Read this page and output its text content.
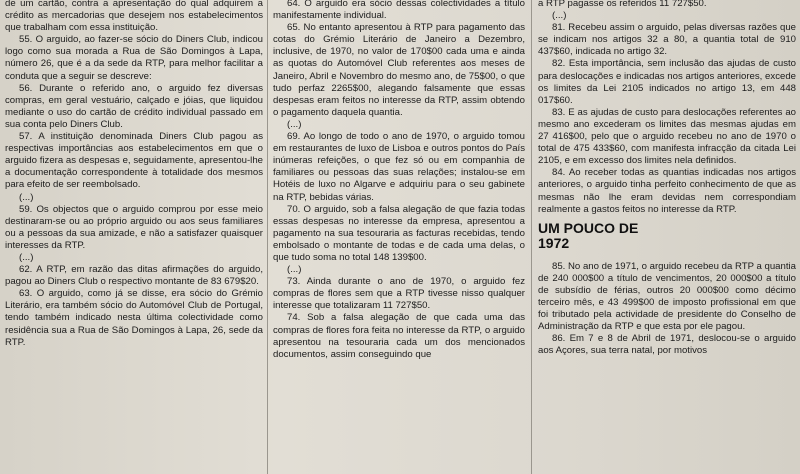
de um cartão, contra a apresentação do qual adquirem a crédito as mercadorias que desejem nos estabelecimentos que trabalham com essa instituição.

55. O arguido, ao fazer-se sócio do Diners Club, indicou logo como sua morada a Rua de São Domingos à Lapa, número 26, que é a da sede da RTP, para melhor facilitar a conduta que a seguir se descreve:

56. Durante o referido ano, o arguido fez diversas compras, em geral vestuário, calçado e jóias, que liquidou mediante o uso do cartão de crédito individual passado em sua conta pelo Diners Club.

57. A instituição denominada Diners Club pagou as respectivas importâncias aos estabelecimentos em que o arguido fizera as despesas e, seguidamente, apresentou-lhe a documentação correspondente à totalidade dos mesmos para efeito de ser reembolsado.

(...)

59. Os objectos que o arguido comprou por esse meio destinaram-se ou ao próprio arguido ou aos seus familiares ou a pessoas da sua amizade, e não a satisfazer quaisquer interesses da RTP.

(...)

62. A RTP, em razão das ditas afirmações do arguido, pagou ao Diners Club o respectivo montante de 83 679$20.

63. O arguido, como já se disse, era sócio do Grémio Literário, era também sócio do Automóvel Club de Portugal, tendo também indicado nesta última colectividade como residência sua a Rua de São Domingos à Lapa, 26, sede da RTP.

64. O arguido era sócio dessas colectividades a título manifestamente individual.

65. No entanto apresentou à RTP para pagamento das cotas do Grémio Literário de Janeiro a Dezembro, inclusive, de 1970, no valor de 170$00 cada uma e ainda as quotas do Automóvel Club referentes aos meses de Janeiro, Abril e Novembro do mesmo ano, de 75$00, o que tudo perfaz 2265$00, alegando falsamente que essas despesas eram feitos no interesse da RTP, assim obtendo o pagamento daquela quantia.

(...)

69. Ao longo de todo o ano de 1970, o arguido tomou em restaurantes de luxo de Lisboa e outros pontos do País inúmeras refeições, o que fez só ou em companhia de familiares ou pessoas das suas relações; instalou-se em Hotéis de luxo no Algarve e adquiriu para o seu gabinete na RTP, bebidas várias.

70. O arguido, sob a falsa alegação de que fazia todas essas despesas no interesse da empresa, apresentou a pagamento na sua tesouraria as facturas recebidas, tendo embolsado o montante de todas e de cada uma delas, o que tudo soma no total 148 139$00.

(...)

73. Ainda durante o ano de 1970, o arguido fez compras de flores sem que a RTP tivesse nisso qualquer interesse que totalizaram 11 727$50.

74. Sob a falsa alegação de que cada uma das compras de flores fora feita no interesse da RTP, o arguido apresentou na tesouraria cada um dos mencionados documentos, assim conseguindo que

a RTP pagasse os referidos 11 727$50.

(...)

81. Recebeu assim o arguido, pelas diversas razões que se indicam nos artigos 32 a 80, a quantia total de 910 437$60, indicada no artigo 32.

82. Esta importância, sem inclusão das ajudas de custo para deslocações e indicadas nos artigos anteriores, excede os limites da Lei 2105 indicados no artigo 13, em 448 017$60.

83. E as ajudas de custo para deslocações referentes ao mesmo ano excederam os limites das mesmas ajudas em 27 416$00, pelo que o arguido recebeu no ano de 1970 o total de 475 433$60, com manifesta infracção da citada Lei 2105, e em excesso dos limites nela definidos.

84. Ao receber todas as quantias indicadas nos artigos anteriores, o arguido tinha perfeito conhecimento de que as mesmas não lhe eram devidas nem correspondiam realmente a gastos feitos no interesse da RTP.

UM POUCO DE
1972

85. No ano de 1971, o arguido recebeu da RTP a quantia de 240 000$00 a título de vencimentos, 20 000$00 a título de subsídio de férias, outros 20 000$00 como décimo terceiro mês, e 43 499$00 de imposto profissional em que foi tributado pela actividade de presidente do Conselho de Administração da RTP e que esta por ele pagou.

86. Em 7 e 8 de Abril de 1971, deslocou-se o arguido aos Açores, sua terra natal, por motivos
